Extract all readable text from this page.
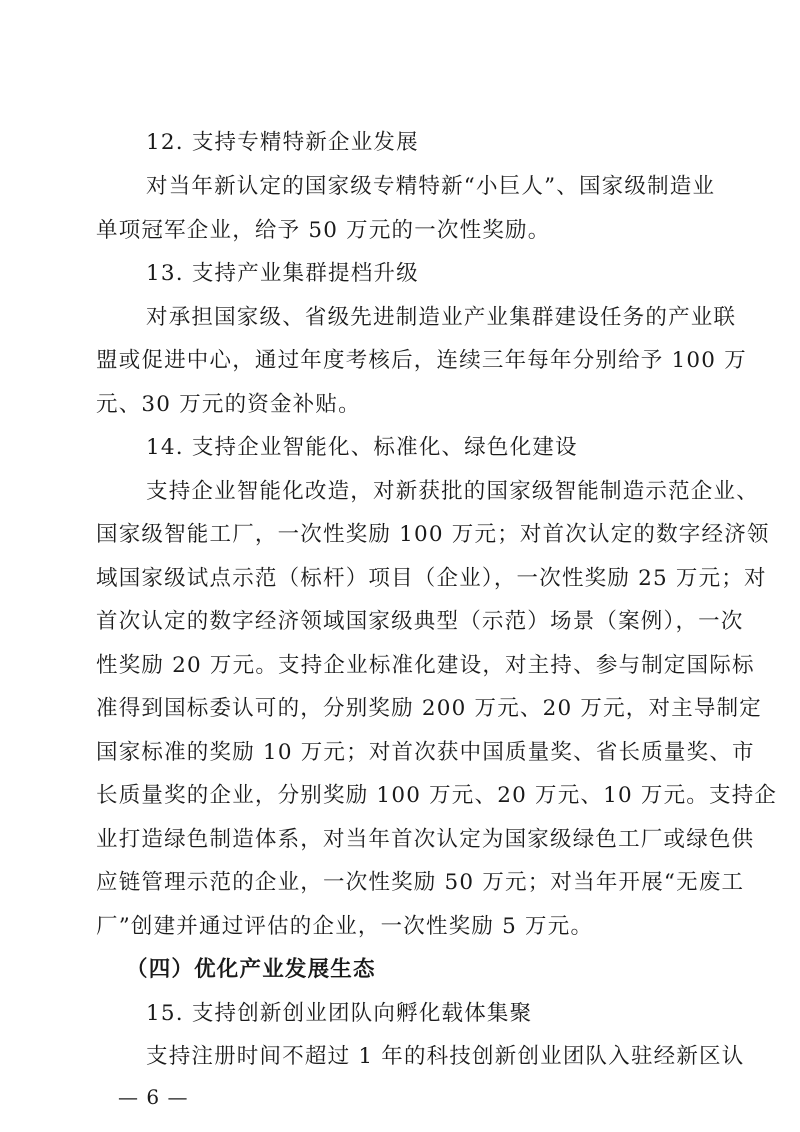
12. 支持专精特新企业发展
对当年新认定的国家级专精特新“小巨人”、国家级制造业
单项冠军企业，给予 50 万元的一次性奖励。
13. 支持产业集群提档升级
对承担国家级、省级先进制造业产业集群建设任务的产业联
盟或促进中心，通过年度考核后，连续三年每年分别给予 100 万
元、30 万元的资金补贴。
14. 支持企业智能化、标准化、绿色化建设
支持企业智能化改造，对新获批的国家级智能制造示范企业、
国家级智能工厂，一次性奖励 100 万元；对首次认定的数字经济领
域国家级试点示范（标杆）项目（企业），一次性奖励 25 万元；对
首次认定的数字经济领域国家级典型（示范）场景（案例），一次
性奖励 20 万元。支持企业标准化建设，对主持、参与制定国际标
准得到国标委认可的，分别奖励 200 万元、20 万元，对主导制定
国家标准的奖励 10 万元；对首次获中国质量奖、省长质量奖、市
长质量奖的企业，分别奖励 100 万元、20 万元、10 万元。支持企
业打造绿色制造体系，对当年首次认定为国家级绿色工厂或绿色供
应链管理示范的企业，一次性奖励 50 万元；对当年开展“无废工
厂”创建并通过评估的企业，一次性奖励 5 万元。
（四）优化产业发展生态
15. 支持创新创业团队向孵化载体集聚
支持注册时间不超过 1 年的科技创新创业团队入驻经新区认
— 6 —
